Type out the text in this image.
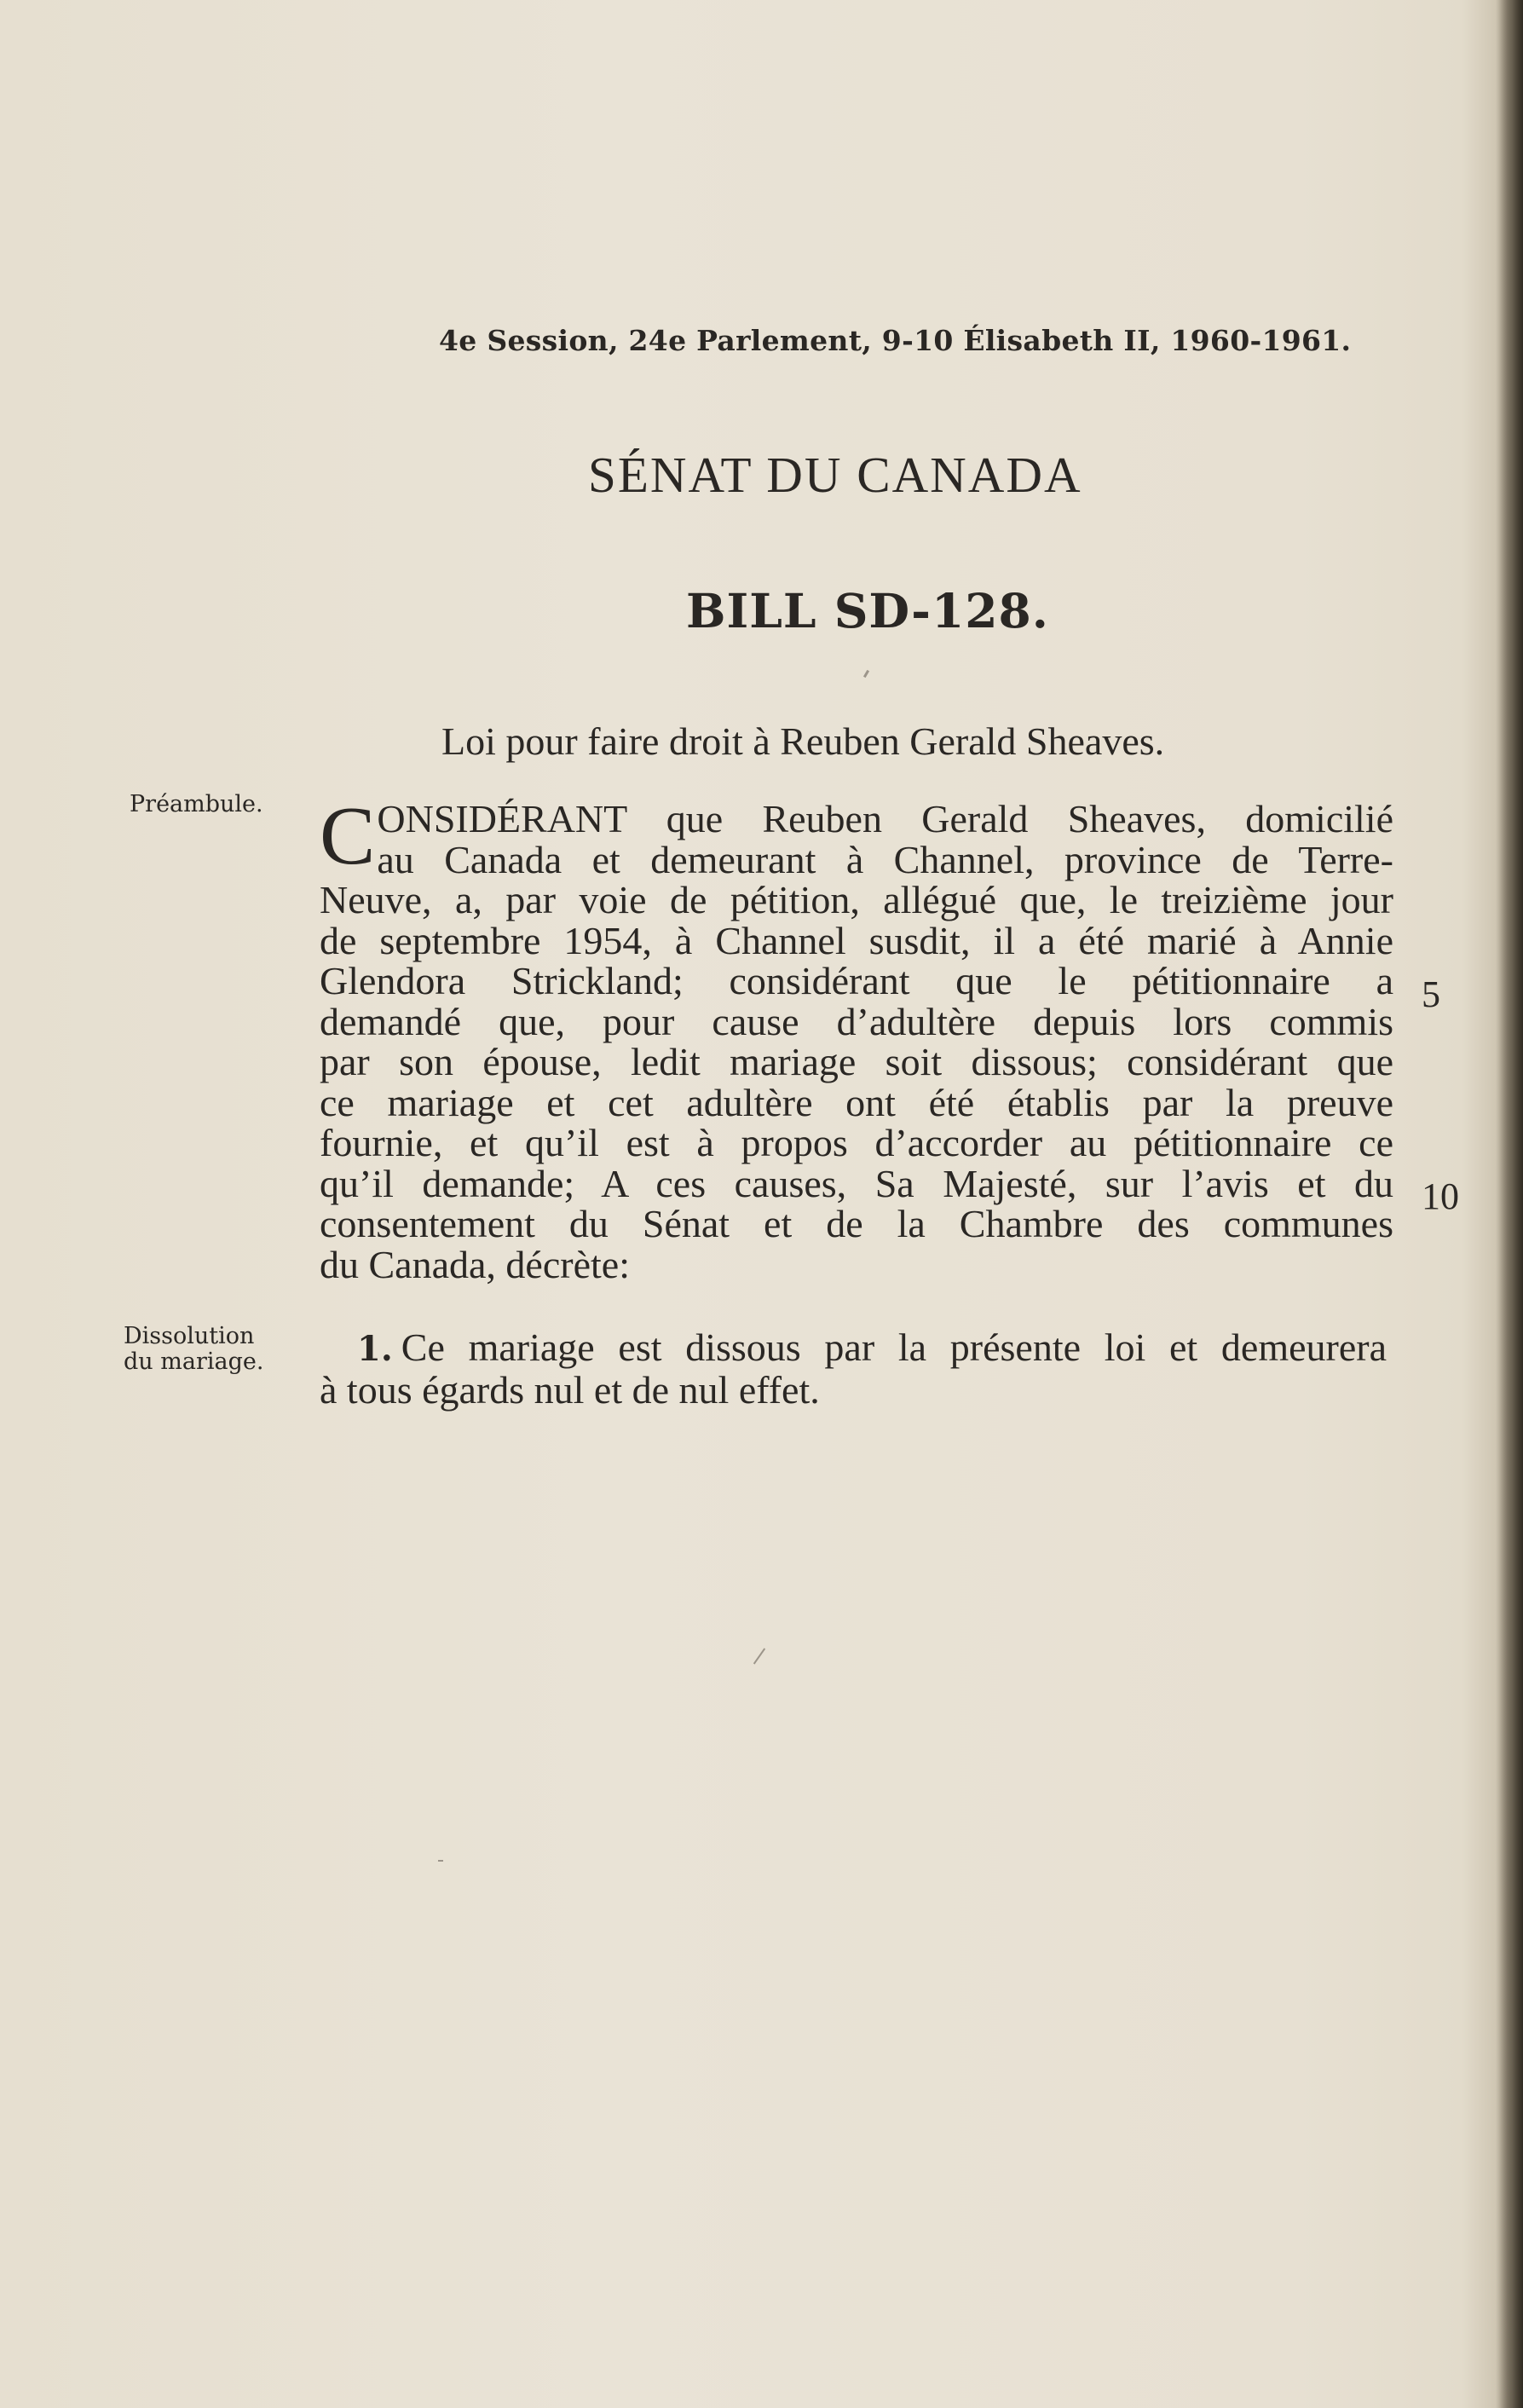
4e Session, 24e Parlement, 9-10 Élisabeth II, 1960-1961.
SÉNAT DU CANADA
BILL SD-128.
Loi pour faire droit à Reuben Gerald Sheaves.
Préambule. C ONSIDÉRANT que Reuben Gerald Sheaves, domicilié
au Canada et demeurant à Channel, province de Terre-
Neuve, a, par voie de pétition, allégué que, le treizième jour
de septembre 1954, à Channel susdit, il a été marié à Annie
Glendora Strickland; considérant que le pétitionnaire a
demandé que, pour cause d’adultère depuis lors commis
par son épouse, ledit mariage soit dissous; considérant que
ce mariage et cet adultère ont été établis par la preuve
fournie, et qu’il est à propos d’accorder au pétitionnaire ce
qu’il demande; A ces causes, Sa Majesté, sur l’avis et du
consentement du Sénat et de la Chambre des communes
du Canada, décrète:
5
10
Dissolution
du mariage.	1. Ce mariage est dissous par la présente loi et demeurera
à tous égards nul et de nul effet.
